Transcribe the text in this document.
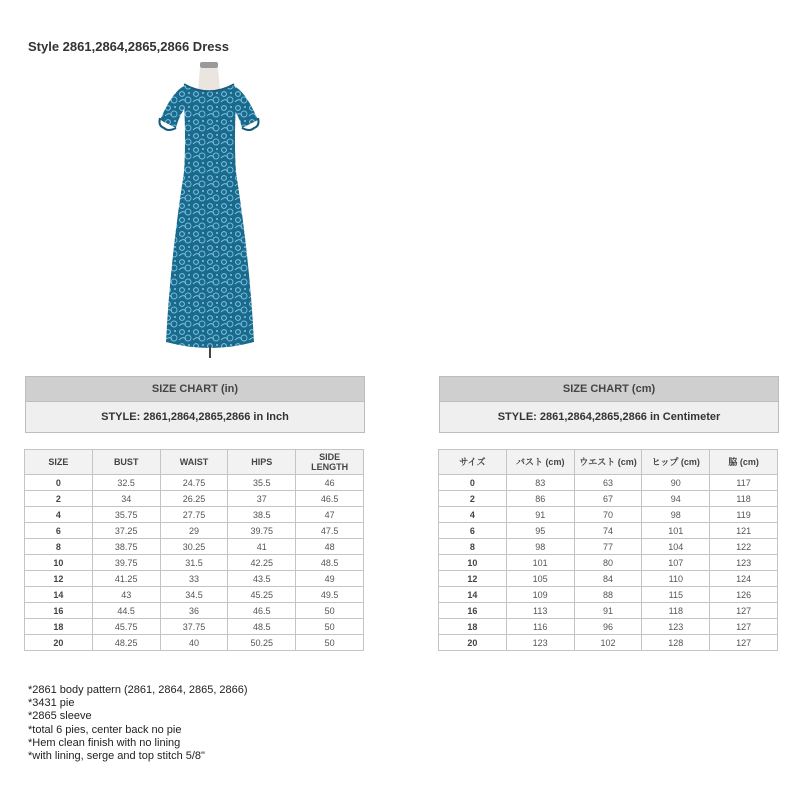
Style 2861,2864,2865,2866 Dress
SIZE CHART (in)
STYLE: 2861,2864,2865,2866 in Inch
SIZE	BUST	WAIST	HIPS	SIDE LENGTH
0	32.5	24.75	35.5	46
2	34	26.25	37	46.5
4	35.75	27.75	38.5	47
6	37.25	29	39.75	47.5
8	38.75	30.25	41	48
10	39.75	31.5	42.25	48.5
12	41.25	33	43.5	49
14	43	34.5	45.25	49.5
16	44.5	36	46.5	50
18	45.75	37.75	48.5	50
20	48.25	40	50.25	50
SIZE CHART (cm)
STYLE: 2861,2864,2865,2866 in Centimeter
サイズ	バスト (cm)	ウエスト (cm)	ヒップ (cm)	脇 (cm)
0	83	63	90	117
2	86	67	94	118
4	91	70	98	119
6	95	74	101	121
8	98	77	104	122
10	101	80	107	123
12	105	84	110	124
14	109	88	115	126
16	113	91	118	127
18	116	96	123	127
20	123	102	128	127
*2861 body pattern (2861, 2864, 2865, 2866)
*3431 pie
*2865 sleeve
*total 6 pies, center back no pie
*Hem clean finish with no lining
*with lining, serge and top stitch 5/8"
